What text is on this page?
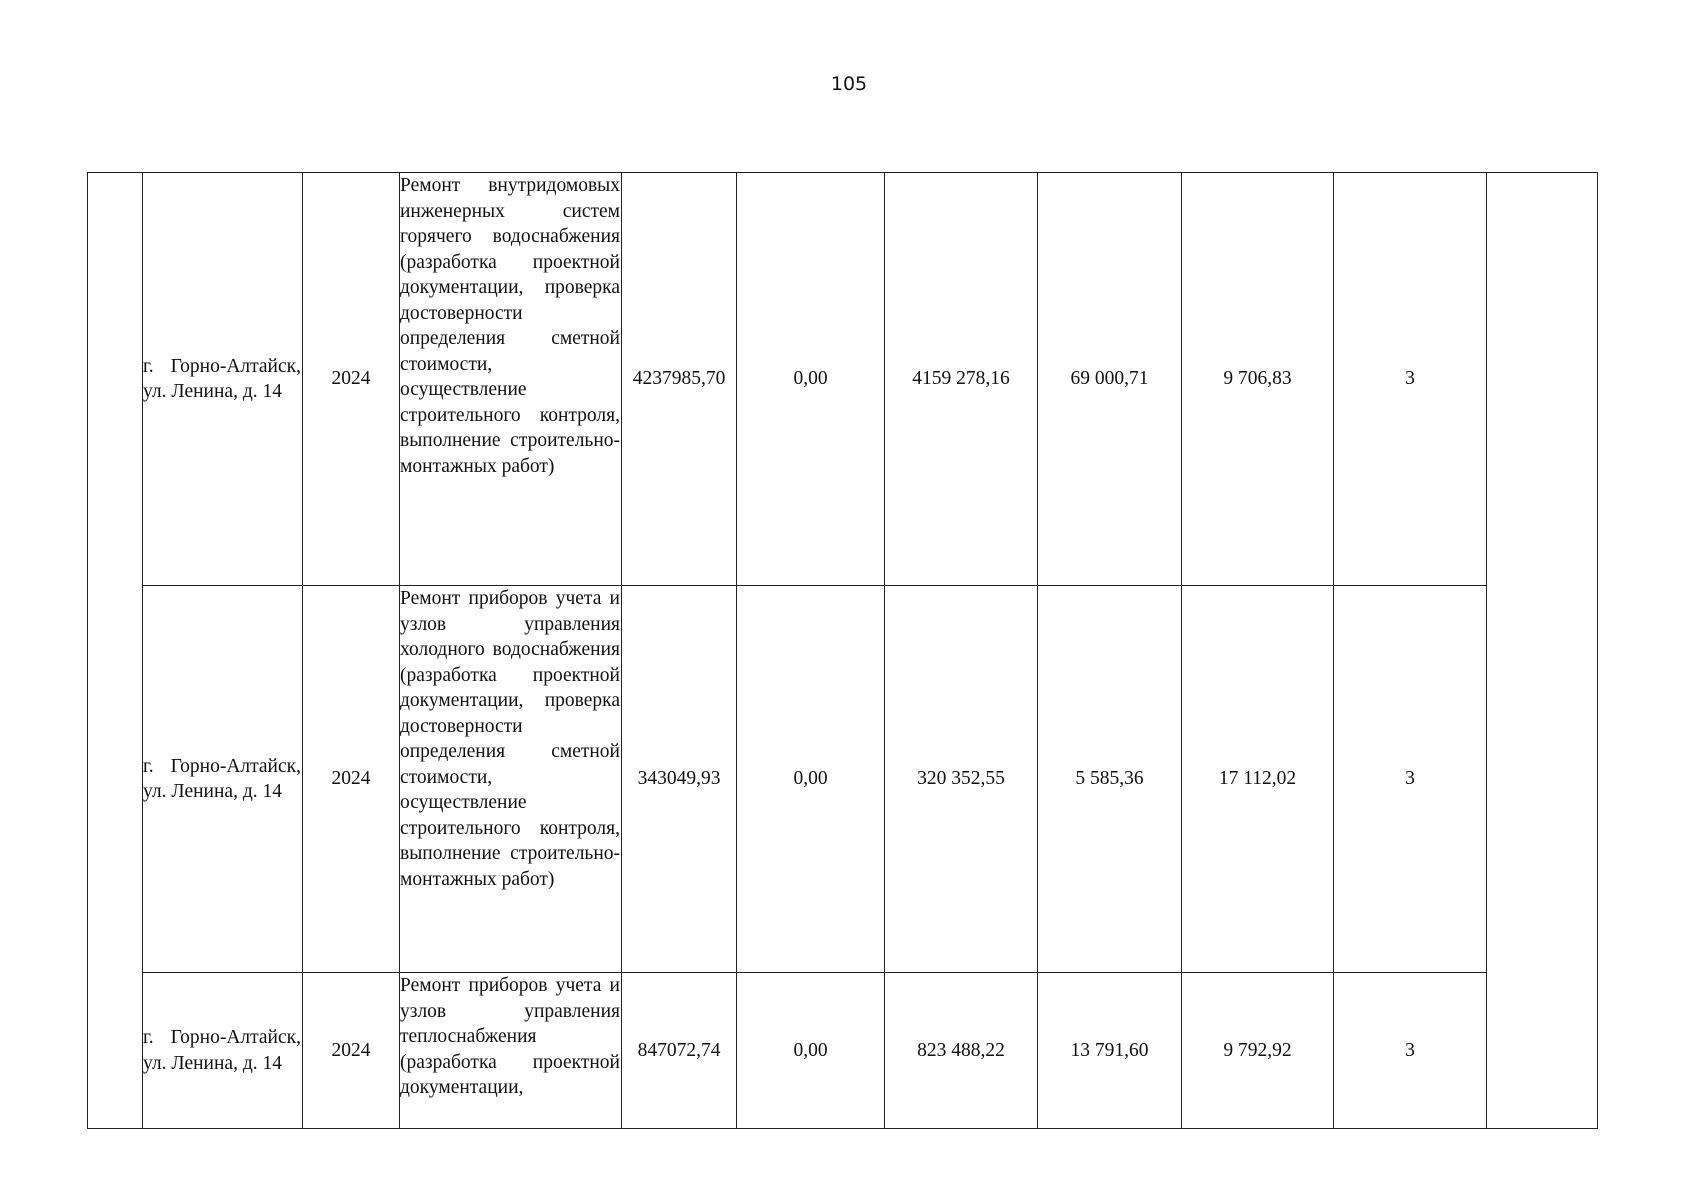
105
	г. Горно-Алтайск, ул. Ленина, д. 14	2024	Ремонт внутридомовых инженерных систем горячего водоснабжения (разработка проектной документации, проверка достоверности определения сметной стоимости, осуществление строительного контроля, выполнение строительно-монтажных работ)	4237985,70	0,00	4159 278,16	69 000,71	9 706,83	3	
	г. Горно-Алтайск, ул. Ленина, д. 14	2024	Ремонт приборов учета и узлов управления холодного водоснабжения (разработка проектной документации, проверка достоверности определения сметной стоимости, осуществление строительного контроля, выполнение строительно-монтажных работ)	343049,93	0,00	320 352,55	5 585,36	17 112,02	3	
	г. Горно-Алтайск, ул. Ленина, д. 14	2024	Ремонт приборов учета и узлов управления теплоснабжения (разработка проектной документации,	847072,74	0,00	823 488,22	13 791,60	9 792,92	3	
